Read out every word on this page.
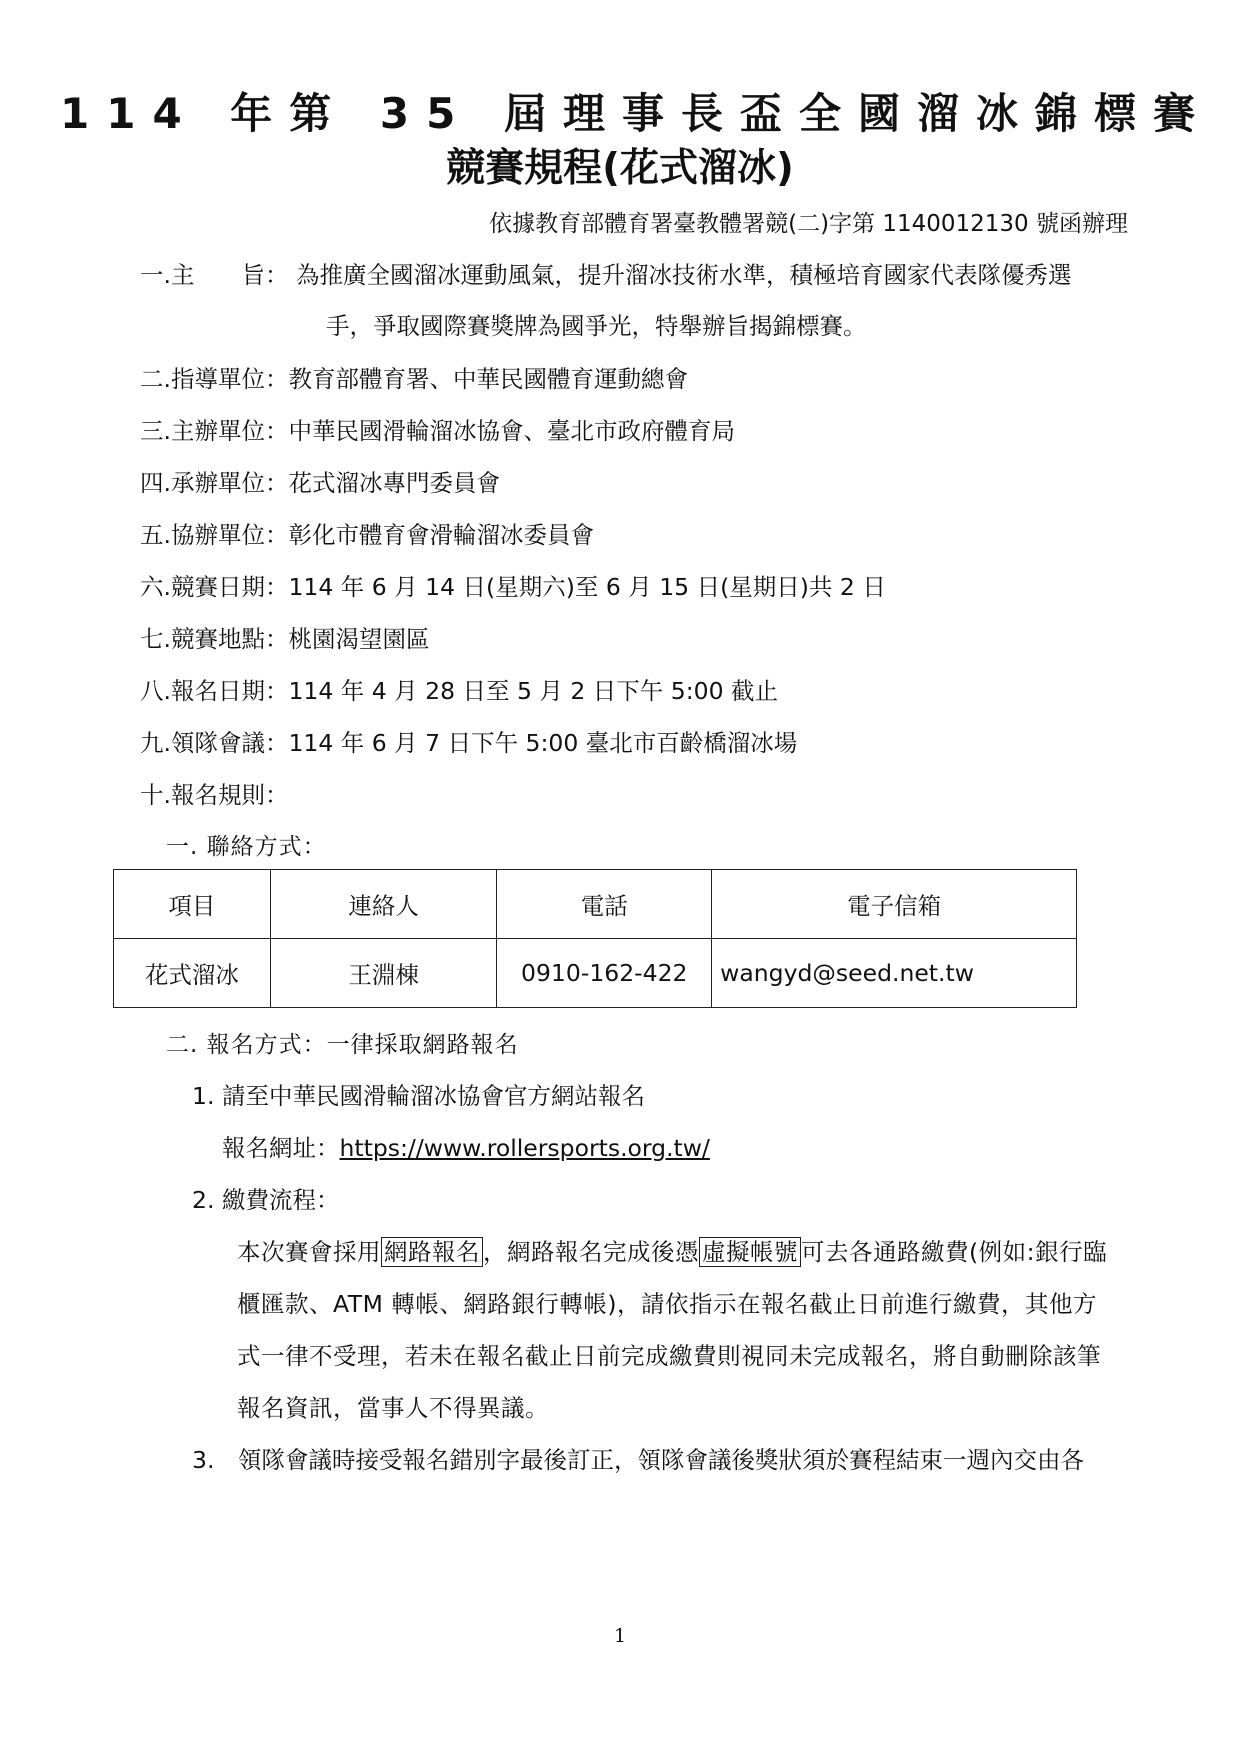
114 年第 35 屆理事長盃全國溜冰錦標賽
競賽規程(花式溜冰)
依據教育部體育署臺教體署競(二)字第 1140012130 號函辦理
一.主　　旨： 為推廣全國溜冰運動風氣，提升溜冰技術水準，積極培育國家代表隊優秀選
手，爭取國際賽獎牌為國爭光，特舉辦旨揭錦標賽。
二.指導單位：教育部體育署、中華民國體育運動總會
三.主辦單位：中華民國滑輪溜冰協會、臺北市政府體育局
四.承辦單位：花式溜冰專門委員會
五.協辦單位：彰化市體育會滑輪溜冰委員會
六.競賽日期：114 年 6 月 14 日(星期六)至 6 月 15 日(星期日)共 2 日
七.競賽地點：桃園渴望園區
八.報名日期：114 年 4 月 28 日至 5 月 2 日下午 5:00 截止
九.領隊會議：114 年 6 月 7 日下午 5:00 臺北市百齡橋溜冰場
十.報名規則：
一. 聯絡方式：
項目	連絡人	電話	電子信箱
花式溜冰	王淵棟	0910-162-422	wangyd@seed.net.tw
二. 報名方式：一律採取網路報名
1. 請至中華民國滑輪溜冰協會官方網站報名
報名網址：https://www.rollersports.org.tw/
2. 繳費流程：
本次賽會採用 網路報名 ，網路報名完成後憑 虛擬帳號 可去各通路繳費(例如:銀行臨
櫃匯款、ATM 轉帳、網路銀行轉帳)，請依指示在報名截止日前進行繳費，其他方
式一律不受理，若未在報名截止日前完成繳費則視同未完成報名，將自動刪除該筆
報名資訊，當事人不得異議。
3. 領隊會議時接受報名錯別字最後訂正，領隊會議後獎狀須於賽程結束一週內交由各
1
